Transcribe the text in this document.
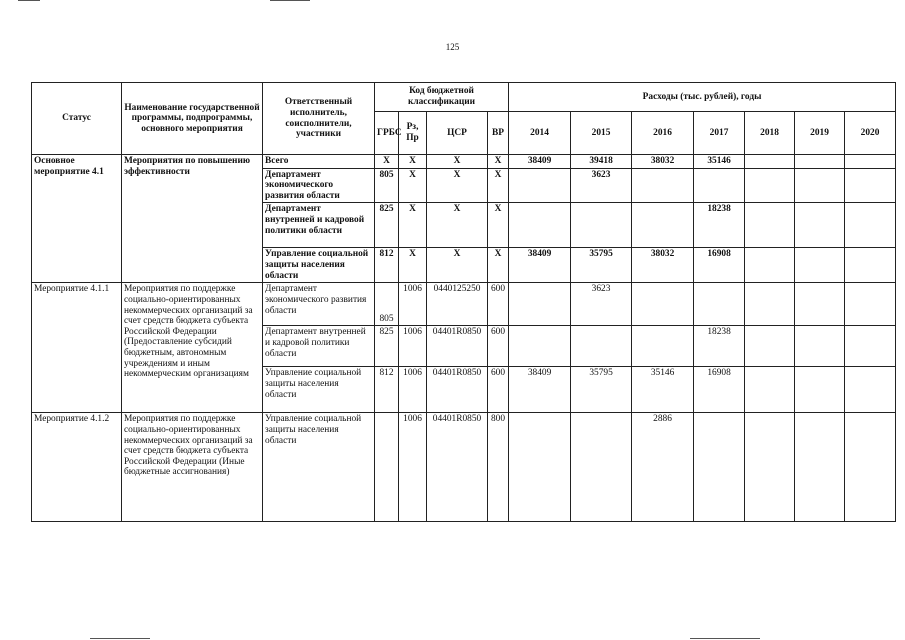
125
Статус	Наименование государственной программы, подпрограммы, основного мероприятия	Ответственный исполнитель, соисполнители, участники	Код бюджетной классификации				Расходы (тыс. рублей), годы						
			ГРБС	Рз, Пр	ЦСР	ВР	2014	2015	2016	2017	2018	2019	2020
Основное мероприятие 4.1	Мероприятия по повышению эффективности	Всего	X	X	X	X	38409	39418	38032	35146			
		Департамент экономического развития области	805	X	X	X		3623					
		Департамент внутренней и кадровой политики области	825	X	X	X				18238			
		Управление социальной защиты населения области	812	X	X	X	38409	35795	38032	16908			
Мероприятие 4.1.1	Мероприятия по поддержке социально-ориентированных некоммерческих организаций за счет средств бюджета субъекта Российской Федерации (Предоставление субсидий бюджетным, автономным учреждениям и иным некоммерческим организациям	Департамент экономического развития области	805	1006	0440125250	600		3623					
		Департамент внутренней и кадровой политики области	825	1006	04401R0850	600				18238			
		Управление социальной защиты населения области	812	1006	04401R0850	600	38409	35795	35146	16908			
Мероприятие 4.1.2	Мероприятия по поддержке социально-ориентированных некоммерческих организаций за счет средств бюджета субъекта Российской Федерации (Иные бюджетные ассигнования)	Управление социальной защиты населения области		1006	04401R0850	800			2886				
